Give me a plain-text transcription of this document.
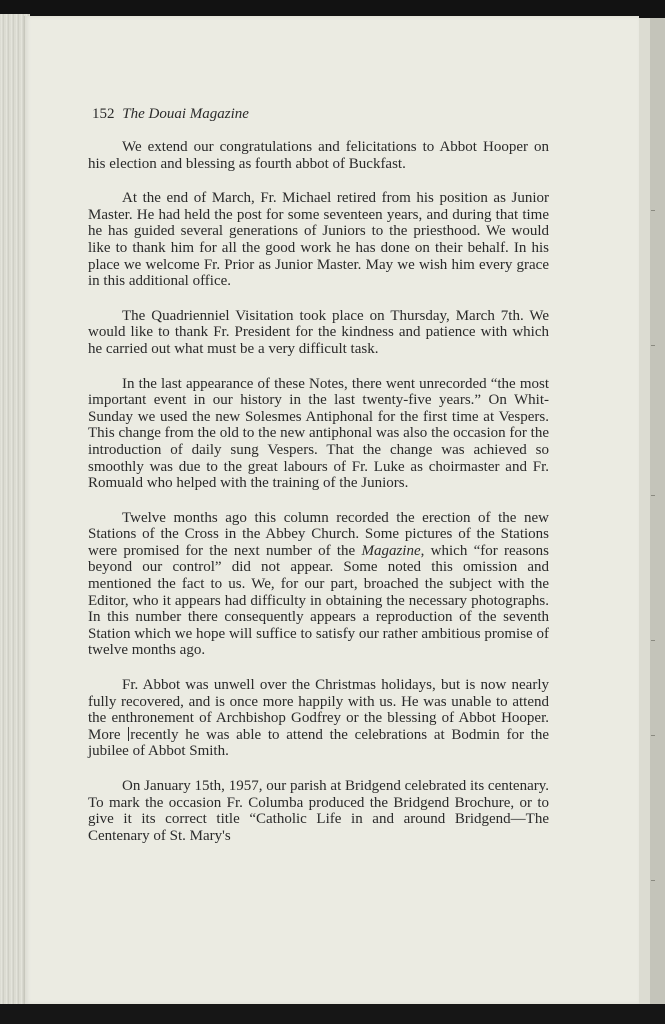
152 The Douai Magazine

We extend our congratulations and felicitations to Abbot Hooper on his election and blessing as fourth abbot of Buckfast.

At the end of March, Fr. Michael retired from his position as Junior Master. He had held the post for some seventeen years, and during that time he has guided several generations of Juniors to the priesthood. We would like to thank him for all the good work he has done on their behalf. In his place we welcome Fr. Prior as Junior Master. May we wish him every grace in this additional office.

The Quadrienniel Visitation took place on Thursday, March 7th. We would like to thank Fr. President for the kindness and patience with which he carried out what must be a very difficult task.

In the last appearance of these Notes, there went unrecorded “the most important event in our history in the last twenty-five years.” On Whit-Sunday we used the new Solesmes Antiphonal for the first time at Vespers. This change from the old to the new antiphonal was also the occasion for the introduction of daily sung Vespers. That the change was achieved so smoothly was due to the great labours of Fr. Luke as choirmaster and Fr. Romuald who helped with the training of the Juniors.

Twelve months ago this column recorded the erection of the new Stations of the Cross in the Abbey Church. Some pictures of the Stations were promised for the next number of the Magazine, which “for reasons beyond our control” did not appear. Some noted this omission and mentioned the fact to us. We, for our part, broached the subject with the Editor, who it appears had difficulty in obtaining the necessary photographs. In this number there consequently appears a reproduction of the seventh Station which we hope will suffice to satisfy our rather ambitious promise of twelve months ago.

Fr. Abbot was unwell over the Christmas holidays, but is now nearly fully recovered, and is once more happily with us. He was unable to attend the enthronement of Archbishop Godfrey or the blessing of Abbot Hooper. More recently he was able to attend the celebrations at Bodmin for the jubilee of Abbot Smith.

On January 15th, 1957, our parish at Bridgend celebrated its centenary. To mark the occasion Fr. Columba produced the Bridgend Brochure, or to give it its correct title “Catholic Life in and around Bridgend—The Centenary of St. Mary's
